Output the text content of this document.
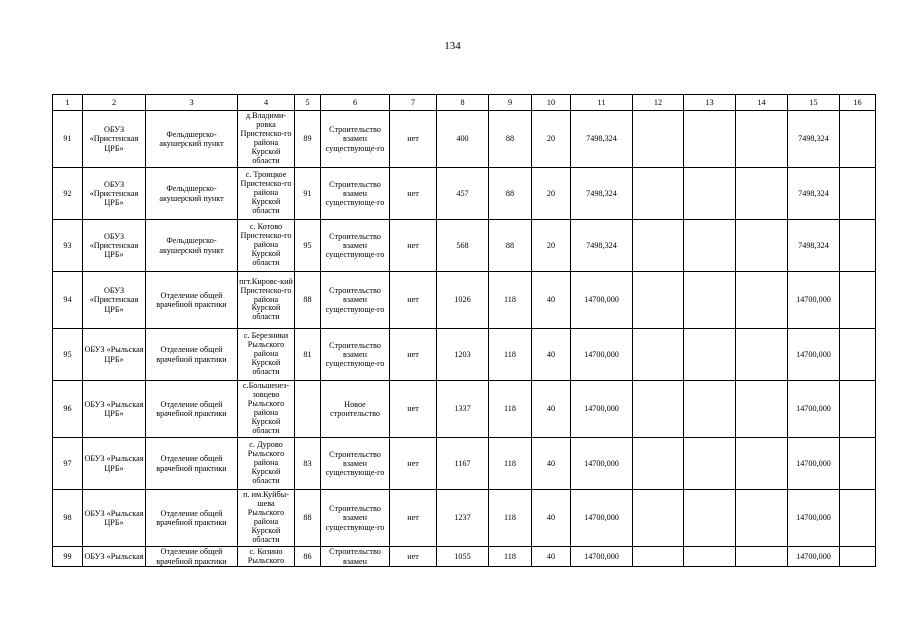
134
1	2	3	4	5	6	7	8	9	10	11	12	13	14	15	16
91	ОБУЗ «Пристенская ЦРБ»	Фельдшерско-акушерский пункт	д.Владими-ровка Пристенско-го района Курской области	89	Строительство взамен существующе-го	нет	400	88	20	7498,324				7498,324	
92	ОБУЗ «Пристенская ЦРБ»	Фельдшерско-акушерский пункт	с. Троицкое Пристенско-го района Курской области	91	Строительство взамен существующе-го	нет	457	88	20	7498,324				7498,324	
93	ОБУЗ «Пристенская ЦРБ»	Фельдшерско-акушерский пункт	с. Котово Пристенско-го района Курской области	95	Строительство взамен существующе-го	нет	568	88	20	7498,324				7498,324	
94	ОБУЗ «Пристенская ЦРБ»	Отделение общей врачебной практики	пгт.Кировс-кий Пристенско-го района Курской области	88	Строительство взамен существующе-го	нет	1026	118	40	14700,000				14700,000	
95	ОБУЗ «Рыльская ЦРБ»	Отделение общей врачебной практики	с. Березники Рыльского района Курской области	81	Строительство взамен существующе-го	нет	1203	118	40	14700,000				14700,000	
96	ОБУЗ «Рыльская ЦРБ»	Отделение общей врачебной практики	с.Большенез-зовцево Рыльского района Курской области		Новое строительство	нет	1337	118	40	14700,000				14700,000	
97	ОБУЗ «Рыльская ЦРБ»	Отделение общей врачебной практики	с. Дурово Рыльского района Курской области	83	Строительство взамен существующе-го	нет	1167	118	40	14700,000				14700,000	
98	ОБУЗ «Рыльская ЦРБ»	Отделение общей врачебной практики	п. им.Куйбы-шева Рыльского района Курской области	88	Строительство взамен существующе-го	нет	1237	118	40	14700,000				14700,000	
99	ОБУЗ «Рыльская	Отделение общей врачебной практики	с. Козино Рыльского	86	Строительство взамен	нет	1055	118	40	14700,000				14700,000	
